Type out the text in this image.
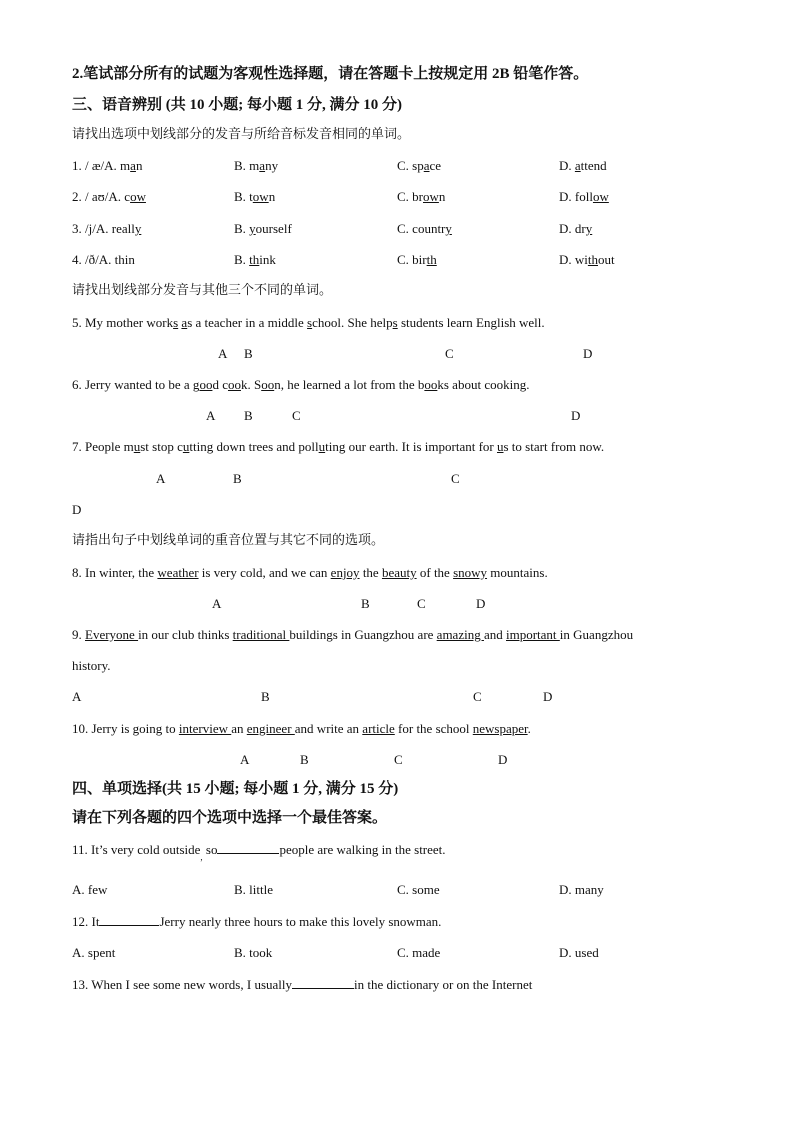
2.笔试部分所有的试题为客观性选择题，请在答题卡上按规定用 2B 铅笔作答。
三、语音辨别 (共 10 小题; 每小题 1 分, 满分 10 分)
请找出选项中划线部分的发音与所给音标发音相同的单词。
1. / æ/A. man	B. many	C. space	D. attend
2. / aʊ/A. cow	B. town	C. brown	D. follow
3. /j/A. really	B. yourself	C. country	D. dry
4. /ð/A. thin	B. think	C. birth	D. without
请找出划线部分发音与其他三个不同的单词。
5. My mother works as a teacher in a middle school. She helps students learn English well.
A B	C	D
6. Jerry wanted to be a good cook. Soon, he learned a lot from the books about cooking.
A B	C	D
7. People must stop cutting down trees and polluting our earth. It is important for us to start from now.
A	B	C
D
请指出句子中划线单词的重音位置与其它不同的选项。
8. In winter, the weather is very cold, and we can enjoy the beauty of the snowy mountains.
A	B	C	D
9. Everyone in our club thinks traditional buildings in Guangzhou are amazing and important in Guangzhou
history.
A	B	C	D
10. Jerry is going to interview an engineer and write an article for the school newspaper.
A	B	C	D
四、单项选择(共 15 小题; 每小题 1 分, 满分 15 分)
请在下列各题的四个选项中选择一个最佳答案。
11. It’s very cold outside$_,$ so	people are walking in the street.
A. few	B. little	C. some	D. many
12. It	Jerry nearly three hours to make this lovely snowman.
A. spent	B. took	C. made	D. used
13. When I see some new words, I usually	in the dictionary or on the Internet
